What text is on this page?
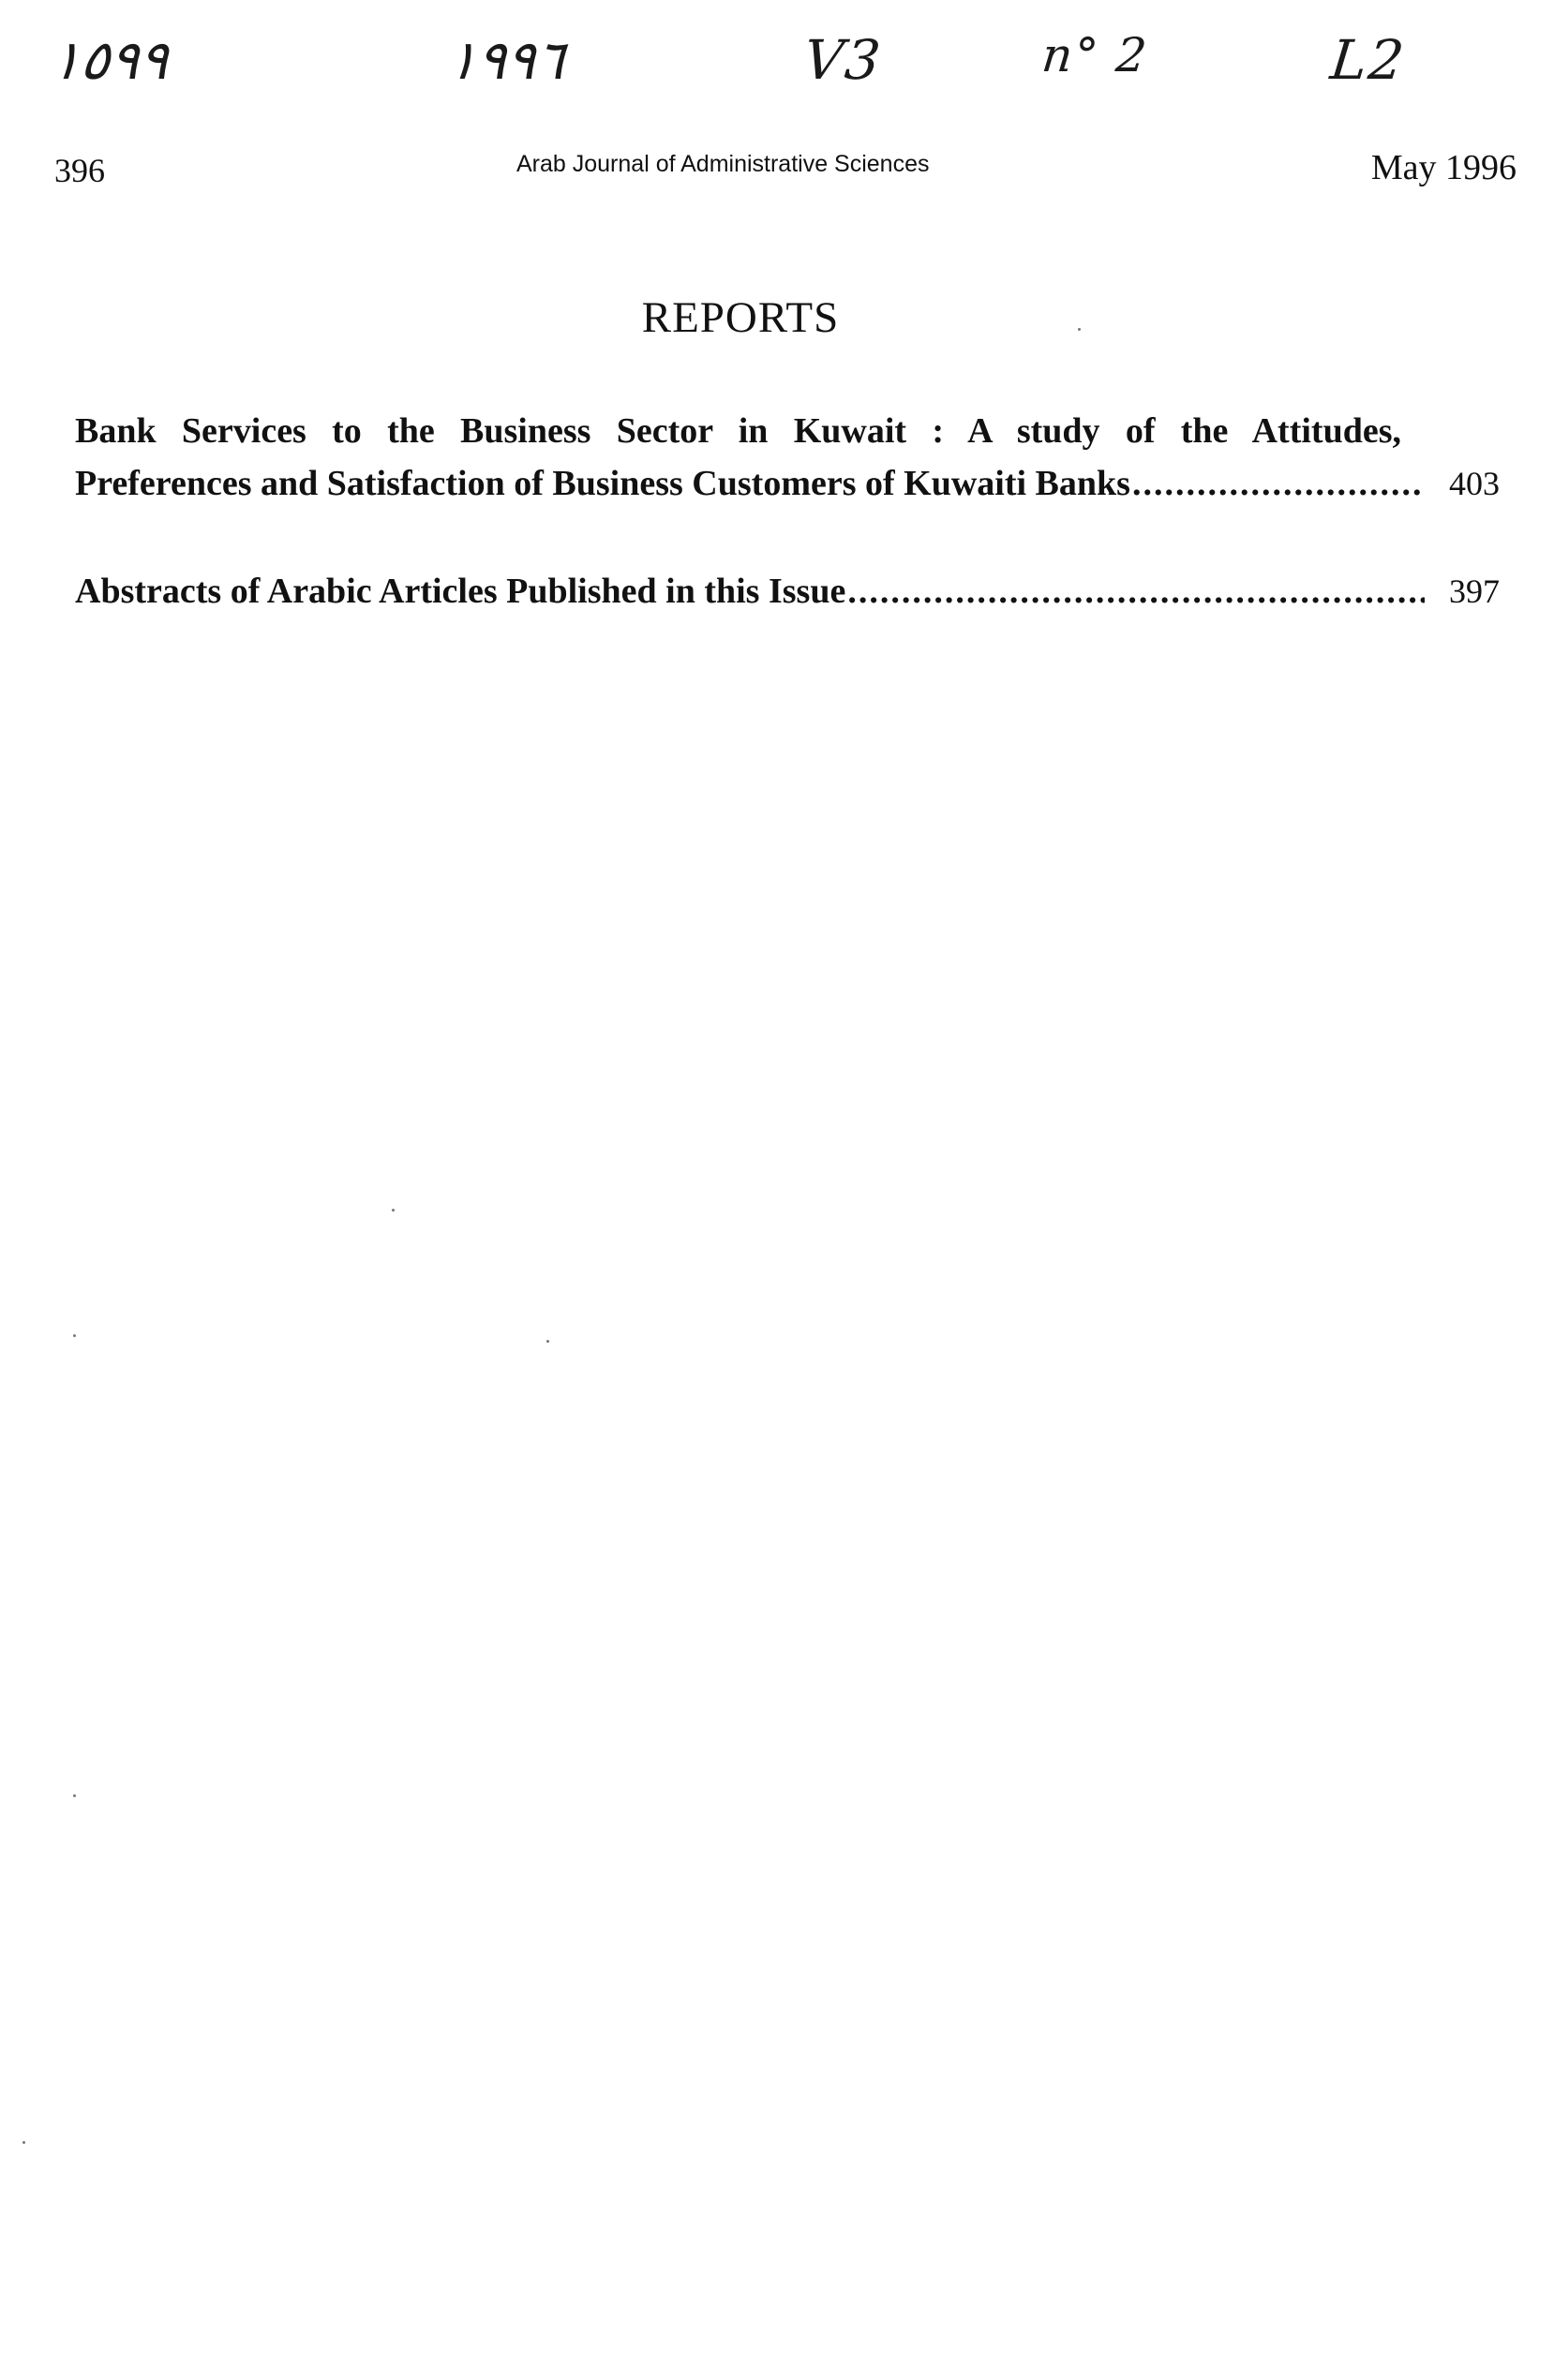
١٥٩٩	١٩٩٦	V3	n° 2	L2
396	Arab Journal of Administrative Sciences	May 1996
REPORTS
Bank Services to the Business Sector in Kuwait : A study of the Attitudes,
Preferences and Satisfaction of Business Customers of Kuwaiti Banks .....	403
Abstracts of Arabic Articles Published in this Issue .....	397
